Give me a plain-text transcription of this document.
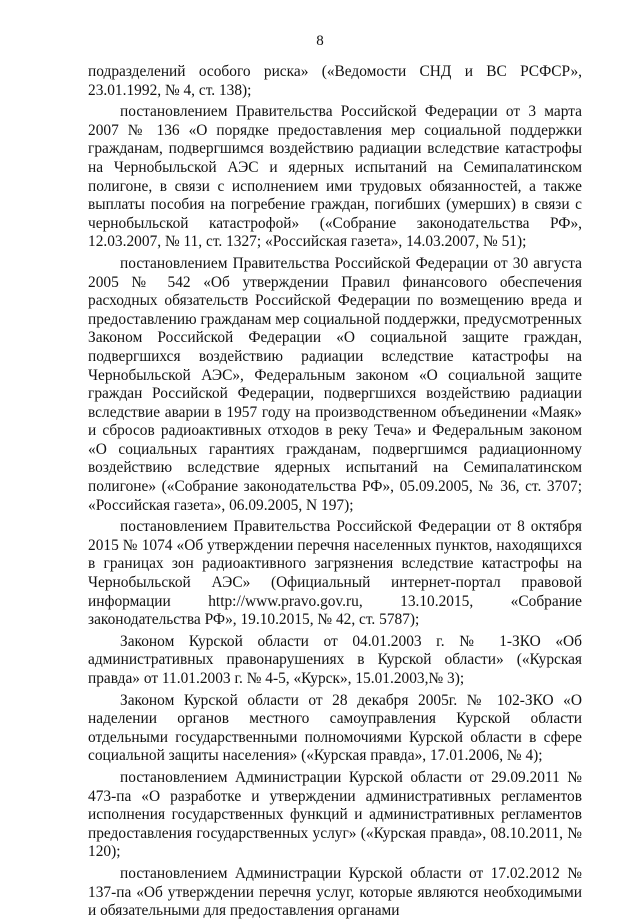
8

подразделений особого риска» («Ведомости СНД и ВС РСФСР», 23.01.1992, № 4, ст. 138);

постановлением Правительства Российской Федерации от 3 марта 2007 № 136 «О порядке предоставления мер социальной поддержки гражданам, подвергшимся воздействию радиации вследствие катастрофы на Чернобыльской АЭС и ядерных испытаний на Семипалатинском полигоне, в связи с исполнением ими трудовых обязанностей, а также выплаты пособия на погребение граждан, погибших (умерших) в связи с чернобыльской катастрофой» («Собрание законодательства РФ», 12.03.2007, № 11, ст. 1327; «Российская газета», 14.03.2007, № 51);

постановлением Правительства Российской Федерации от 30 августа 2005 № 542 «Об утверждении Правил финансового обеспечения расходных обязательств Российской Федерации по возмещению вреда и предоставлению гражданам мер социальной поддержки, предусмотренных Законом Российской Федерации «О социальной защите граждан, подвергшихся воздействию радиации вследствие катастрофы на Чернобыльской АЭС», Федеральным законом «О социальной защите граждан Российской Федерации, подвергшихся воздействию радиации вследствие аварии в 1957 году на производственном объединении «Маяк» и сбросов радиоактивных отходов в реку Теча» и Федеральным законом «О социальных гарантиях гражданам, подвергшимся радиационному воздействию вследствие ядерных испытаний на Семипалатинском полигоне» («Собрание законодательства РФ», 05.09.2005, № 36, ст. 3707; «Российская газета», 06.09.2005, N 197);

постановлением Правительства Российской Федерации от 8 октября 2015 № 1074 «Об утверждении перечня населенных пунктов, находящихся в границах зон радиоактивного загрязнения вследствие катастрофы на Чернобыльской АЭС» (Официальный интернет-портал правовой информации http://www.pravo.gov.ru, 13.10.2015, «Собрание законодательства РФ», 19.10.2015, № 42, ст. 5787);

Законом Курской области от 04.01.2003 г. № 1-ЗКО «Об административных правонарушениях в Курской области» («Курская правда» от 11.01.2003 г. № 4-5, «Курск», 15.01.2003,№ 3);

Законом Курской области от 28 декабря 2005г. № 102-ЗКО «О наделении органов местного самоуправления Курской области отдельными государственными полномочиями Курской области в сфере социальной защиты населения» («Курская правда», 17.01.2006, № 4);

постановлением Администрации Курской области от 29.09.2011 № 473-па «О разработке и утверждении административных регламентов исполнения государственных функций и административных регламентов предоставления государственных услуг» («Курская правда», 08.10.2011, № 120);

постановлением Администрации Курской области от 17.02.2012 № 137-па «Об утверждении перечня услуг, которые являются необходимыми и обязательными для предоставления органами
